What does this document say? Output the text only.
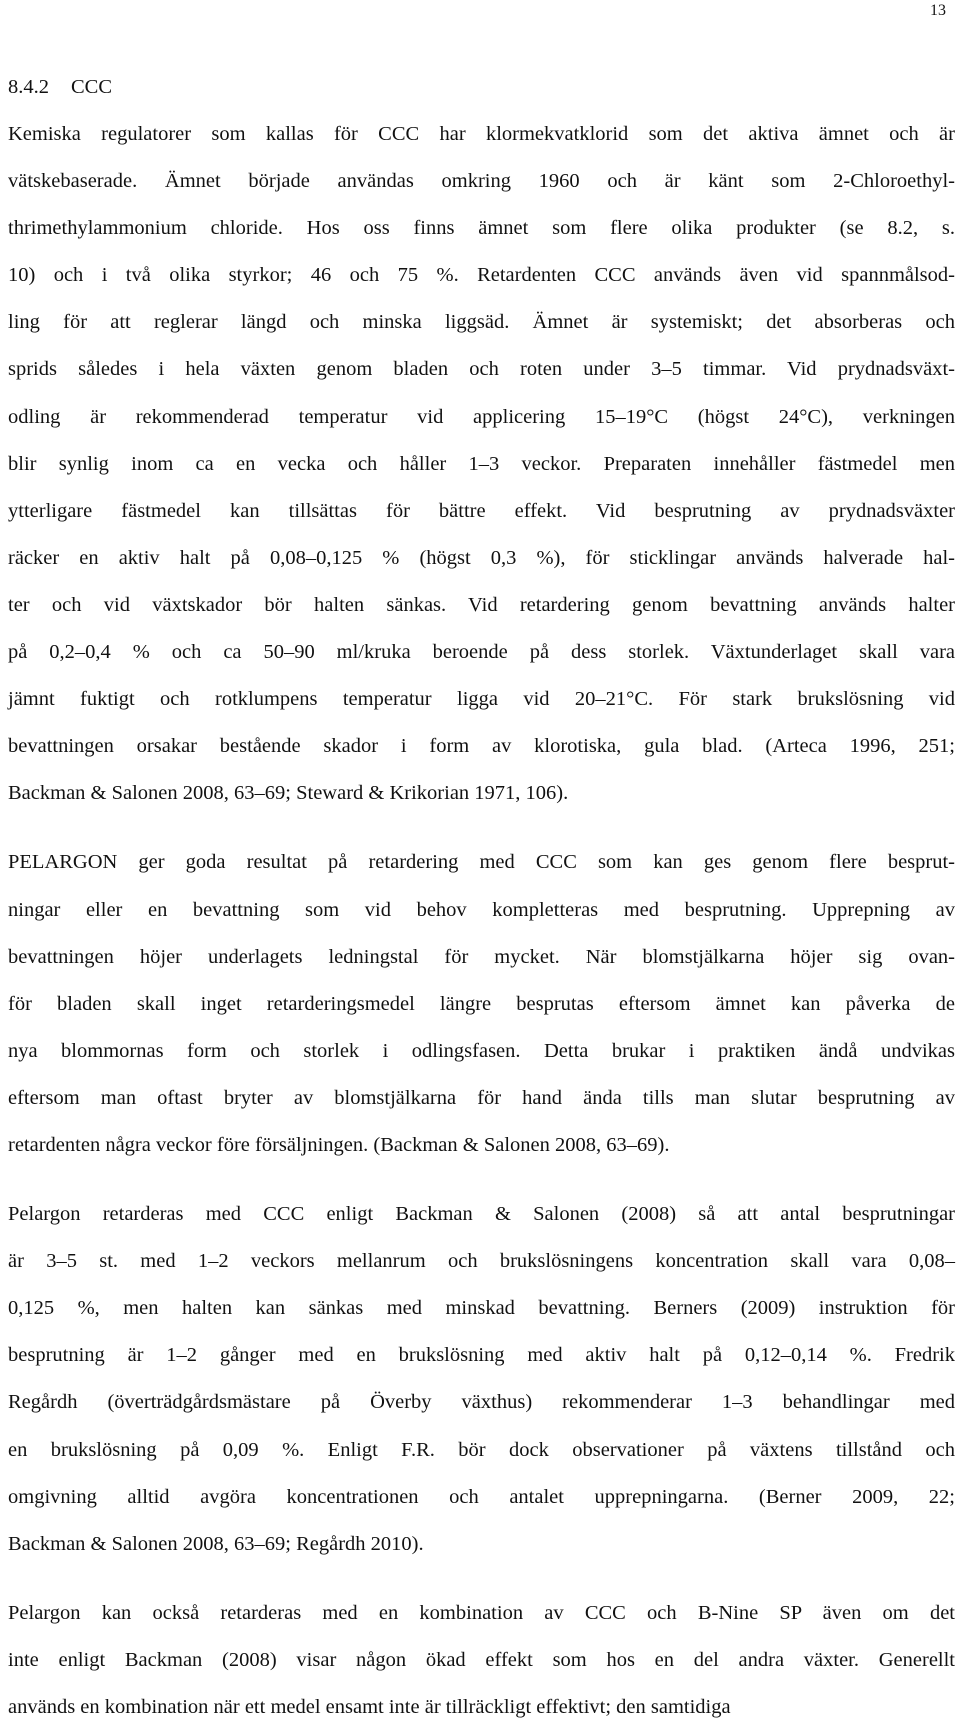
13
8.4.2 CCC
Kemiska regulatorer som kallas för CCC har klormekvatklorid som det aktiva ämnet och är
vätskebaserade. Ämnet började användas omkring 1960 och är känt som 2-Chloroethyl-
thrimethylammonium chloride. Hos oss finns ämnet som flere olika produkter (se 8.2, s.
10) och i två olika styrkor; 46 och 75 %. Retardenten CCC används även vid spannmålsod-
ling för att reglerar längd och minska liggsäd. Ämnet är systemiskt; det absorberas och
sprids således i hela växten genom bladen och roten under 3–5 timmar. Vid prydnadsväxt-
odling är rekommenderad temperatur vid applicering 15–19°C (högst 24°C), verkningen
blir synlig inom ca en vecka och håller 1–3 veckor. Preparaten innehåller fästmedel men
ytterligare fästmedel kan tillsättas för bättre effekt. Vid besprutning av prydnadsväxter
räcker en aktiv halt på 0,08–0,125 % (högst 0,3 %), för sticklingar används halverade hal-
ter och vid växtskador bör halten sänkas. Vid retardering genom bevattning används halter
på 0,2–0,4 % och ca 50–90 ml/kruka beroende på dess storlek. Växtunderlaget skall vara
jämnt fuktigt och rotklumpens temperatur ligga vid 20–21°C. För stark brukslösning vid
bevattningen orsakar bestående skador i form av klorotiska, gula blad. (Arteca 1996, 251;
Backman & Salonen 2008, 63–69; Steward & Krikorian 1971, 106).
PELARGON ger goda resultat på retardering med CCC som kan ges genom flere besprut-
ningar eller en bevattning som vid behov kompletteras med besprutning. Upprepning av
bevattningen höjer underlagets ledningstal för mycket. När blomstjälkarna höjer sig ovan-
för bladen skall inget retarderingsmedel längre besprutas eftersom ämnet kan påverka de
nya blommornas form och storlek i odlingsfasen. Detta brukar i praktiken ändå undvikas
eftersom man oftast bryter av blomstjälkarna för hand ända tills man slutar besprutning av
retardenten några veckor före försäljningen. (Backman & Salonen 2008, 63–69).
Pelargon retarderas med CCC enligt Backman & Salonen (2008) så att antal besprutningar
är 3–5 st. med 1–2 veckors mellanrum och brukslösningens koncentration skall vara 0,08–
0,125 %, men halten kan sänkas med minskad bevattning. Berners (2009) instruktion för
besprutning är 1–2 gånger med en brukslösning med aktiv halt på 0,12–0,14 %. Fredrik
Regårdh (överträdgårdsmästare på Överby växthus) rekommenderar 1–3 behandlingar med
en brukslösning på 0,09 %. Enligt F.R. bör dock observationer på växtens tillstånd och
omgivning alltid avgöra koncentrationen och antalet upprepningarna. (Berner 2009, 22;
Backman & Salonen 2008, 63–69; Regårdh 2010).
Pelargon kan också retarderas med en kombination av CCC och B-Nine SP även om det
inte enligt Backman (2008) visar någon ökad effekt som hos en del andra växter. Generellt
används en kombination när ett medel ensamt inte är tillräckligt effektivt; den samtidiga
